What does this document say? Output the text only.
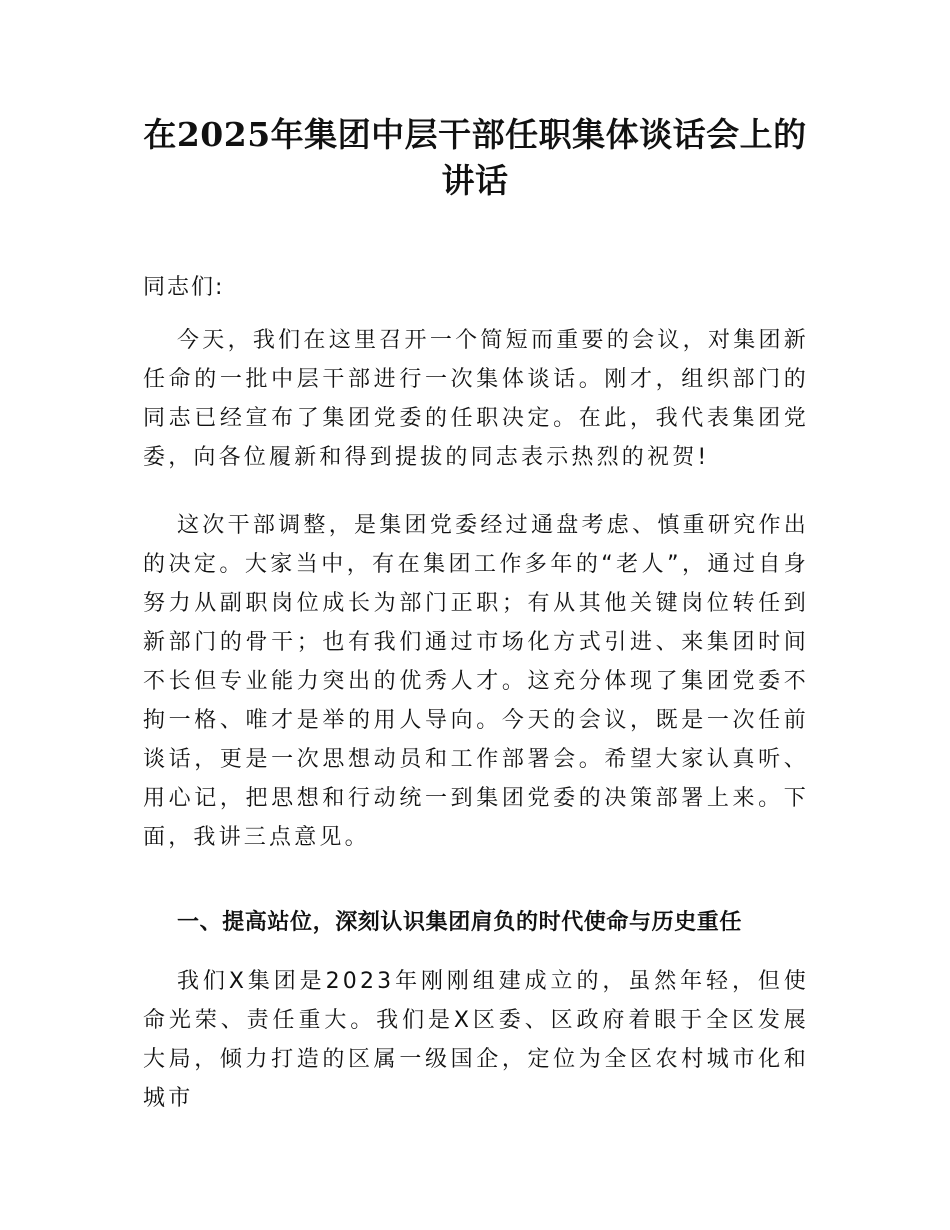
在2025年集团中层干部任职集体谈话会上的
讲话

同志们:

今天，我们在这里召开一个简短而重要的会议，对集团新任命的一批中层干部进行一次集体谈话。刚才，组织部门的同志已经宣布了集团党委的任职决定。在此，我代表集团党委，向各位履新和得到提拔的同志表示热烈的祝贺!

这次干部调整，是集团党委经过通盘考虑、慎重研究作出的决定。大家当中，有在集团工作多年的“老人”，通过自身努力从副职岗位成长为部门正职；有从其他关键岗位转任到新部门的骨干；也有我们通过市场化方式引进、来集团时间不长但专业能力突出的优秀人才。这充分体现了集团党委不拘一格、唯才是举的用人导向。今天的会议，既是一次任前谈话，更是一次思想动员和工作部署会。希望大家认真听、用心记，把思想和行动统一到集团党委的决策部署上来。下面，我讲三点意见。

一、提高站位，深刻认识集团肩负的时代使命与历史重任

我们X集团是2023年刚刚组建成立的，虽然年轻，但使命光荣、责任重大。我们是X区委、区政府着眼于全区发展大局，倾力打造的区属一级国企，定位为全区农村城市化和城市
